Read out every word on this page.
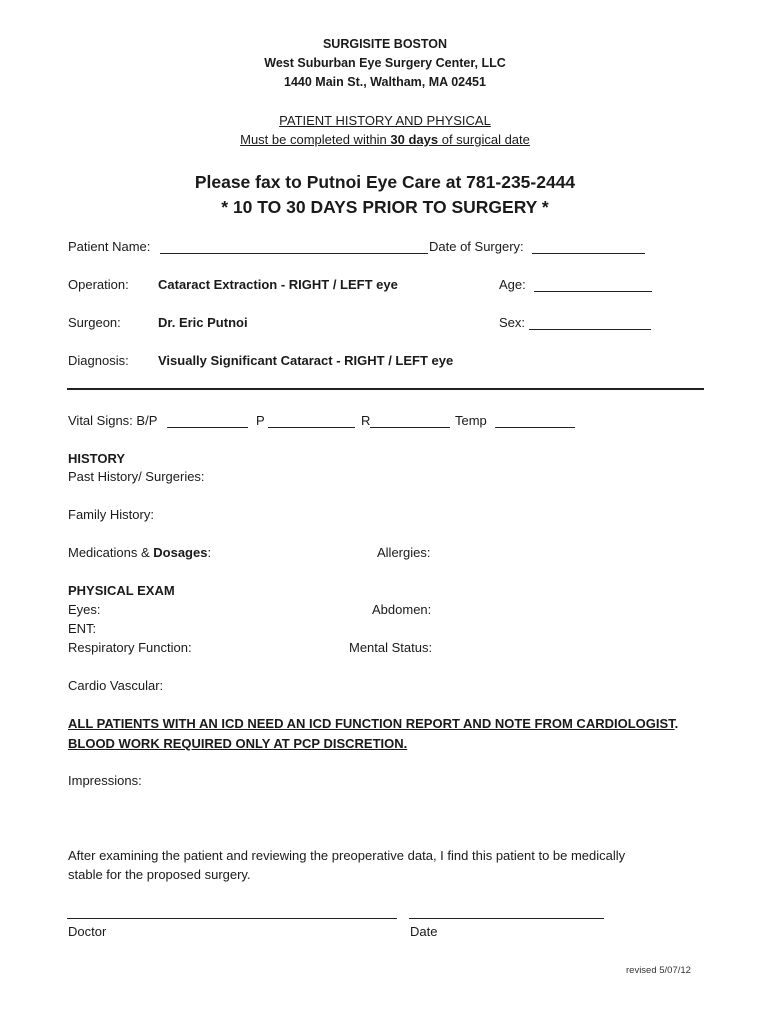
SURGISITE BOSTON
West Suburban Eye Surgery Center, LLC
1440 Main St., Waltham, MA 02451
PATIENT HISTORY AND PHYSICAL
Must be completed within 30 days of surgical date
Please fax to Putnoi Eye Care at 781-235-2444
* 10 TO 30 DAYS PRIOR TO SURGERY *
Patient Name:	Date of Surgery:
Operation: Cataract Extraction - RIGHT / LEFT eye	Age:
Surgeon:	Dr. Eric Putnoi	Sex:
Diagnosis: Visually Significant Cataract - RIGHT / LEFT eye
Vital Signs: B/P	P	R	Temp
HISTORY
Past History/ Surgeries:
Family History:
Medications & Dosages:	Allergies:
PHYSICAL EXAM
Eyes:	Abdomen:
ENT:
Respiratory Function:	Mental Status:
Cardio Vascular:
ALL PATIENTS WITH AN ICD NEED AN ICD FUNCTION REPORT AND NOTE FROM CARDIOLOGIST.
BLOOD WORK REQUIRED ONLY AT PCP DISCRETION.
Impressions:
After examining the patient and reviewing the preoperative data, I find this patient to be medically
stable for the proposed surgery.
Doctor	Date
revised 5/07/12
